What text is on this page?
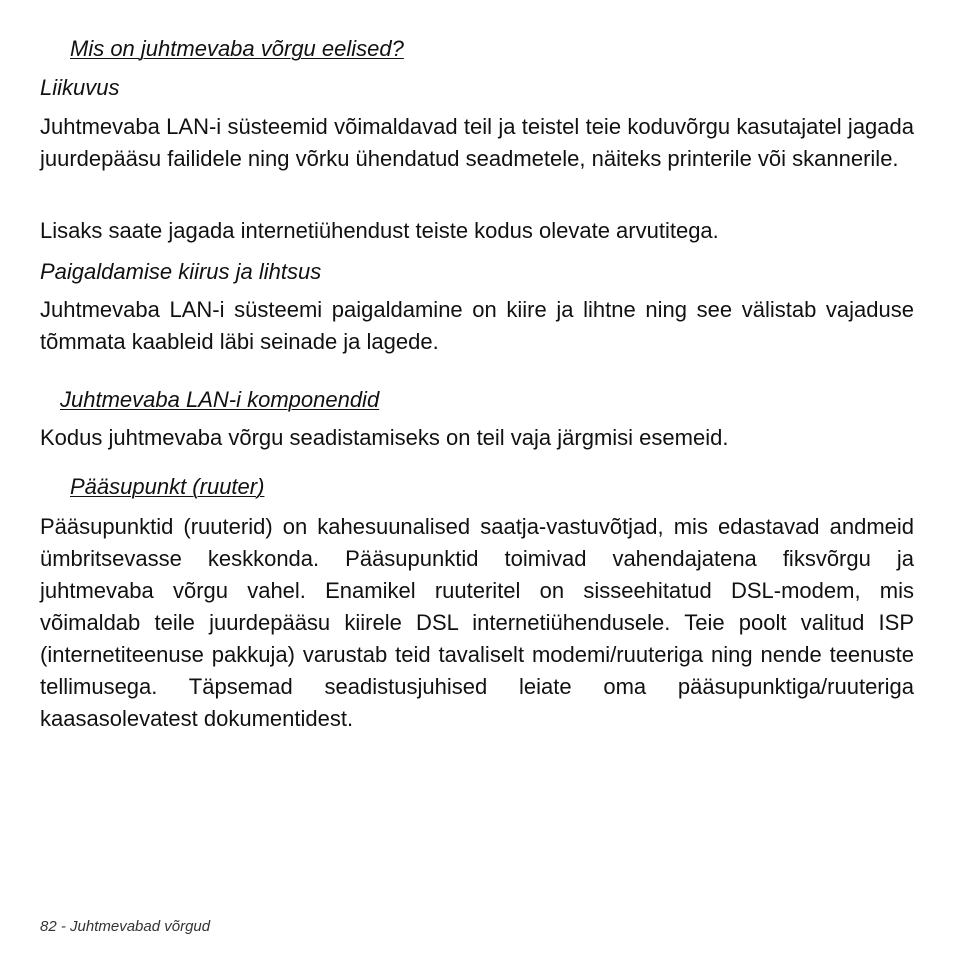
Mis on juhtmevaba võrgu eelised?
Liikuvus

Juhtmevaba LAN-i süsteemid võimaldavad teil ja teistel teie koduvõrgu kasutajatel jagada juurdepääsu failidele ning võrku ühendatud seadmetele, näiteks printerile või skannerile.

Lisaks saate jagada internetiühendust teiste kodus olevate arvutitega.

Paigaldamise kiirus ja lihtsus

Juhtmevaba LAN-i süsteemi paigaldamine on kiire ja lihtne ning see välistab vajaduse tõmmata kaableid läbi seinade ja lagede.

Juhtmevaba LAN-i komponendid

Kodus juhtmevaba võrgu seadistamiseks on teil vaja järgmisi esemeid.

Pääsupunkt (ruuter)

Pääsupunktid (ruuterid) on kahesuunalised saatja-vastuvõtjad, mis edastavad andmeid ümbritsevasse keskkonda. Pääsupunktid toimivad vahendajatena fiksvõrgu ja juhtmevaba võrgu vahel. Enamikel ruuteritel on sisseehitatud DSL-modem, mis võimaldab teile juurdepääsu kiirele DSL internetiühendusele. Teie poolt valitud ISP (internetiteenuse pakkuja) varustab teid tavaliselt modemi/ruuteriga ning nende teenuste tellimusega. Täpsemad seadistusjuhised leiate oma pääsupunktiga/ruuteriga kaasasolevatest dokumentidest.

82 - Juhtmevabad võrgud
